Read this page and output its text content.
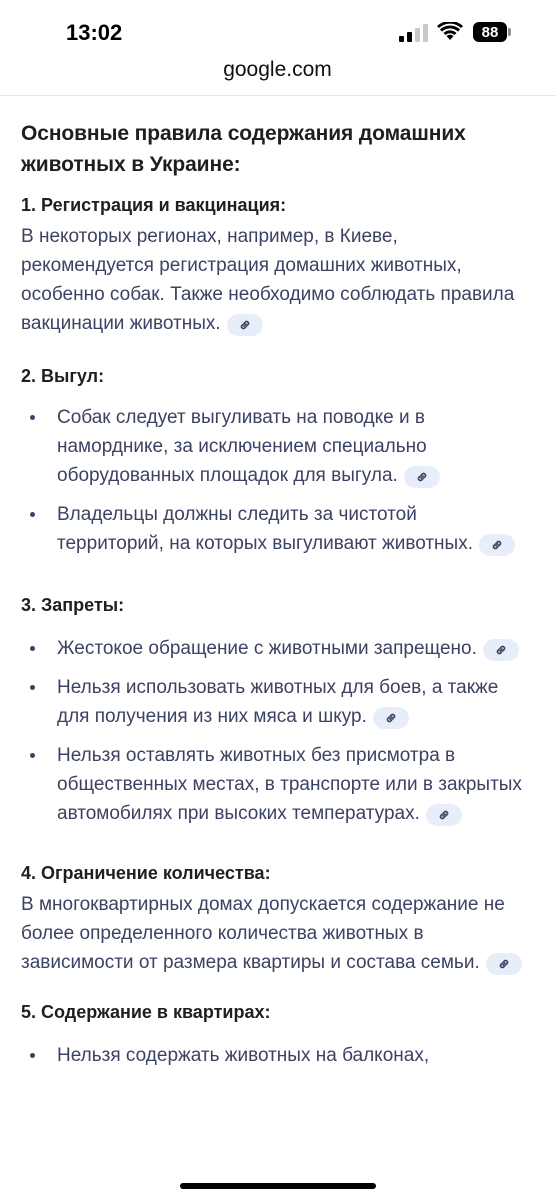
13:02	88
google.com
Основные правила содержания домашних животных в Украине:
1. Регистрация и вакцинация:
В некоторых регионах, например, в Киеве, рекомендуется регистрация домашних животных, особенно собак. Также необходимо соблюдать правила вакцинации животных.
2. Выгул:
Собак следует выгуливать на поводке и в наморднике, за исключением специально оборудованных площадок для выгула.
Владельцы должны следить за чистотой территорий, на которых выгуливают животных.
3. Запреты:
Жестокое обращение с животными запрещено.
Нельзя использовать животных для боев, а также для получения из них мяса и шкур.
Нельзя оставлять животных без присмотра в общественных местах, в транспорте или в закрытых автомобилях при высоких температурах.
4. Ограничение количества:
В многоквартирных домах допускается содержание не более определенного количества животных в зависимости от размера квартиры и состава семьи.
5. Содержание в квартирах:
Нельзя содержать животных на балконах,
